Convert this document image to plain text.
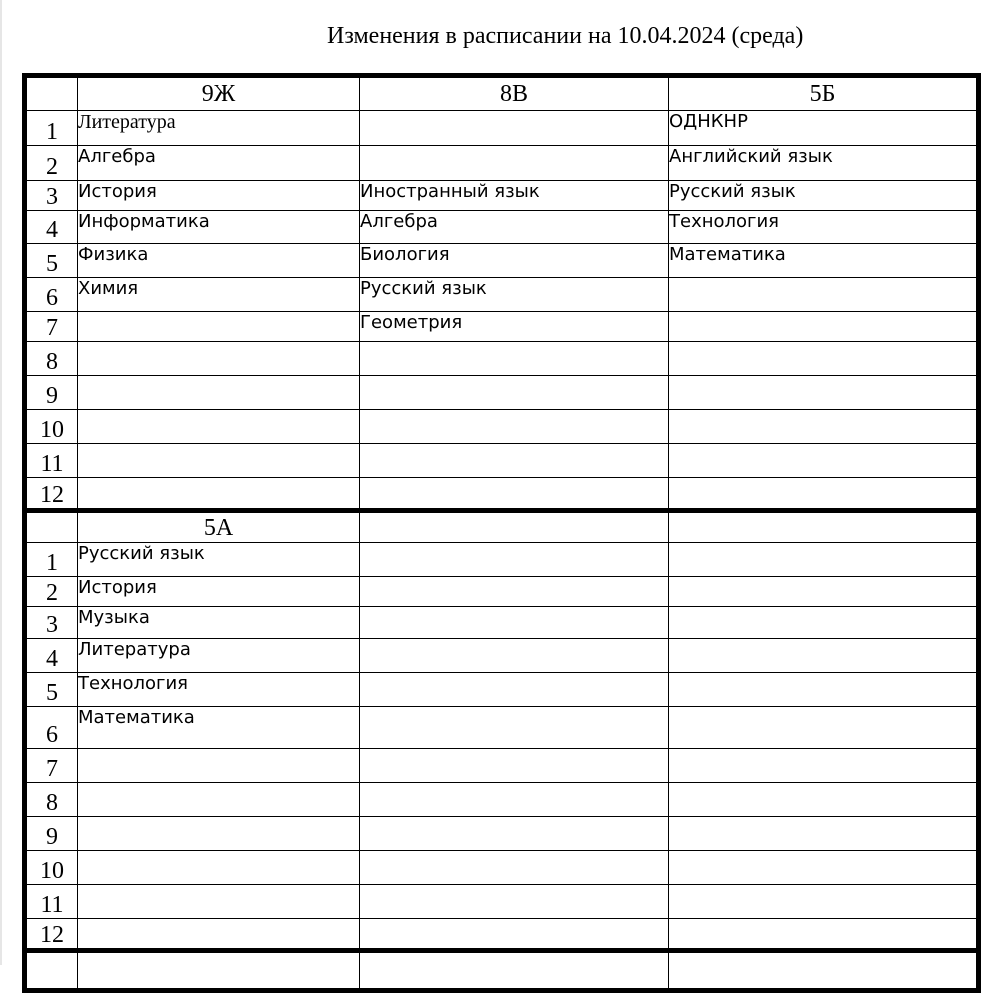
Изменения в расписании на 10.04.2024 (среда)
	9Ж	8В	5Б
1	Литература		ОДНКНР
2	Алгебра		Английский язык
3	История	Иностранный язык	Русский язык
4	Информатика	Алгебра	Технология
5	Физика	Биология	Математика
6	Химия	Русский язык	
7		Геометрия	
8			
9			
10			
11			
12			
	5А		
1	Русский язык		
2	История		
3	Музыка		
4	Литература		
5	Технология		
6	Математика		
7			
8			
9			
10			
11			
12			
